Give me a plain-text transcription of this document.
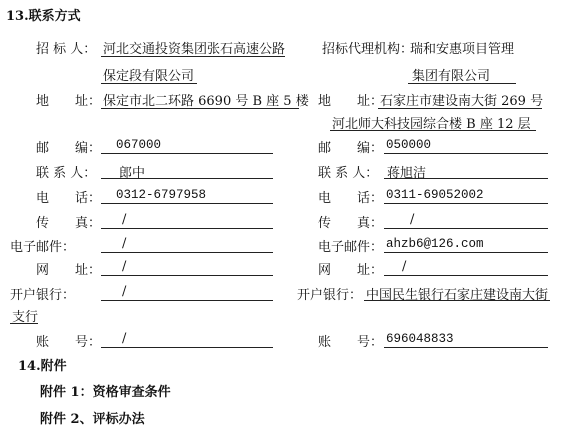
13.联系方式
招 标 人： 河北交通投资集团张石高速公路
保定段有限公司
地　　址： 保定市北二环路 6690 号 B 座 5 楼
邮　　编： 067000
联 系 人： 郎中
电　　话： 0312-6797958
传　　真： /
电子邮件：	/
网　　址： /
开户银行：	/
账　　号： /
招标代理机构：
瑞和安惠项目管理
集团有限公司
地　　址：
石家庄市建设南大街 269 号
河北师大科技园综合楼 B 座 12 层
邮　　编： 050000
联 系 人： 蒋旭洁
电　　话： 0311-69052002
传　　真： /
电子邮件： ahzb6@126.com
网　　址： /
开户银行： 中国民生银行石家庄建设南大街
支行
账　　号： 696048833
14.附件
附件 1：资格审查条件
附件 2、评标办法
